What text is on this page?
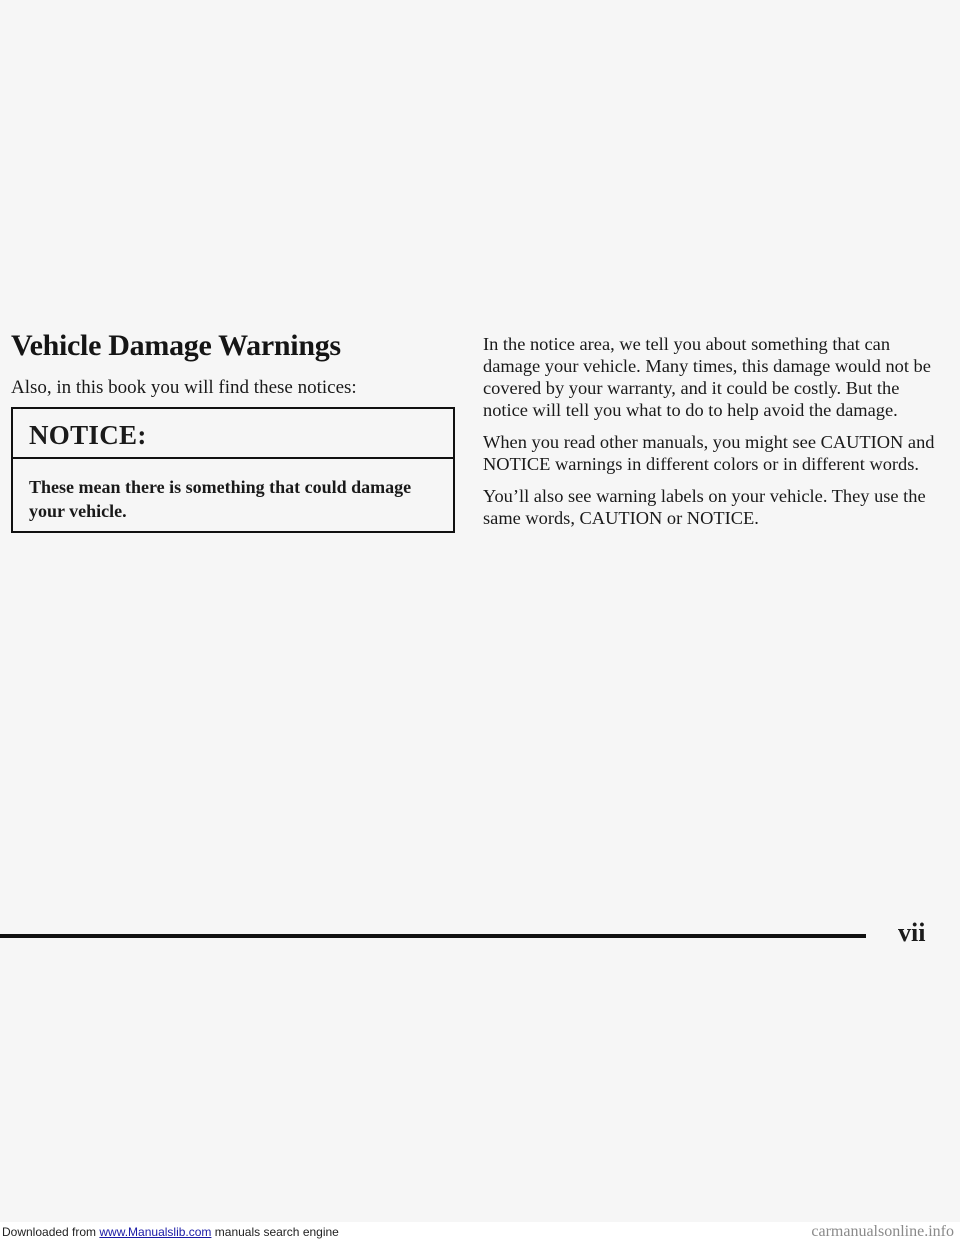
Vehicle Damage Warnings

Also, in this book you will find these notices:

NOTICE:

These mean there is something that could damage your vehicle.

In the notice area, we tell you about something that can damage your vehicle. Many times, this damage would not be covered by your warranty, and it could be costly. But the notice will tell you what to do to help avoid the damage.

When you read other manuals, you might see CAUTION and NOTICE warnings in different colors or in different words.

You’ll also see warning labels on your vehicle. They use the same words, CAUTION or NOTICE.

vii

Downloaded from www.Manualslib.com manuals search engine	carmanualsonline.info
